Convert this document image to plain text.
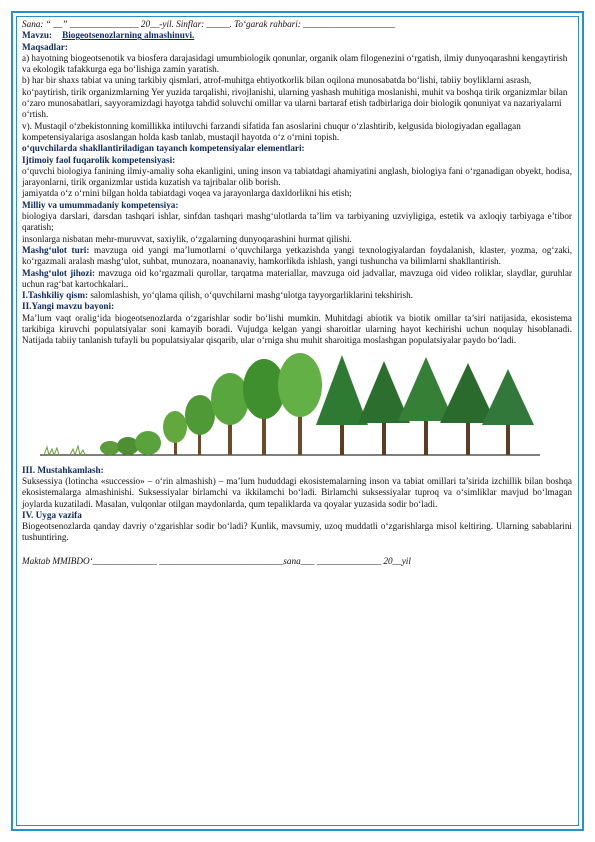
Sana: “ __” _______________ 20__-yil. Sinflar: _____. To‘garak rahbari: ____________________

Mavzu: Biogeotsenozlarning almashinuvi.

Maqsadlar:

a) hayotning biogeotsenotik va biosfera darajasidagi umumbiologik qonunlar, organik olam filogenezini o‘rgatish, ilmiy dunyoqarashni kengaytirish va ekologik tafakkurga ega bo‘lishiga zamin yaratish.

b) har bir shaxs tabiat va uning tarkibiy qismlari, atrof-muhitga ehtiyotkorlik bilan oqilona munosabatda bo‘lishi, tabiiy boyliklarni asrash, ko‘paytirish, tirik organizmlarning Yer yuzida tarqalishi, rivojlanishi, ularning yashash muhitiga moslanishi, muhit va boshqa tirik organizmlar bilan o‘zaro munosabatlari, sayyoramizdagi hayotga tahdid soluvchi omillar va ularni bartaraf etish tadbirlariga doir biologik qonuniyat va nazariyalarni o‘rtish.

v). Mustaqil o‘zbekistonning komillikka intiluvchi farzandi sifatida fan asoslarini chuqur o‘zlashtirib, kelgusida biologiyadan egallagan kompetensiyalariga asoslangan holda kasb tanlab, mustaqil hayotda o‘z o‘rnini topish.

o‘quvchilarda shakllantiriladigan tayanch kompetensiyalar elementlari:

Ijtimoiy faol fuqarolik kompetensiyasi:

o‘quvchi biologiya fanining ilmiy-amaliy soha ekanligini, uning inson va tabiatdagi ahamiyatini anglash, biologiya fani o‘rganadigan obyekt, hodisa, jarayonlarni, tirik organizmlar ustida kuzatish va tajribalar olib borish.

jamiyatda o‘z o‘rnini bilgan holda tabiatdagi voqea va jarayonlarga daxldorlikni his etish;

Milliy va umummadaniy kompetensiya:

biologiya darslari, darsdan tashqari ishlar, sinfdan tashqari mashg‘ulotlarda ta’lim va tarbiyaning uzviyligiga, estetik va axloqiy tarbiyaga e’tibor qaratish;

insonlarga nisbatan mehr-muruvvat, saxiylik, o‘zgalarning dunyoqarashini hurmat qilishi.

Mashg‘ulot turi: mavzuga oid yangi ma’lumotlarni o‘quvchilarga yetkazishda yangi texnologiyalardan foydalanish, klaster, yozma, og‘zaki, ko‘rgazmali aralash mashg‘ulot, suhbat, munozara, noananaviy, hamkorlikda ishlash, yangi tushuncha va bilimlarni shakllantirish.

Mashg‘ulot jihozi: mavzuga oid ko‘rgazmali qurollar, tarqatma materiallar, mavzuga oid jadvallar, mavzuga oid video roliklar, slaydlar, guruhlar uchun rag‘bat kartochkalari..

I.Tashkiliy qism: salomlashish, yo‘qlama qilish, o‘quvchilarni mashg‘ulotga tayyorgarliklarini tekshirish.

II.Yangi mavzu bayoni:

Ma’lum vaqt oralig‘ida biogeotsenozlarda o‘zgarishlar sodir bo‘lishi mumkin. Muhitdagi abiotik va biotik omillar ta’siri natijasida, ekosistema tarkibiga kiruvchi populatsiyalar soni kamayib boradi. Vujudga kelgan yangi sharoitlar ularning hayot kechirishi uchun noqulay hisoblanadi. Natijada tabiiy tanlanish tufayli bu populatsiyalar qisqarib, ular o‘rniga shu muhit sharoitiga moslashgan populatsiyalar paydo bo‘ladi.

III. Mustahkamlash:

Suksessiya (lotincha «successio» – o‘rin almashish) – ma’lum hududdagi ekosistemalarning inson va tabiat omillari ta’sirida izchillik bilan boshqa ekosistemalarga almashinishi. Suksessiyalar birlamchi va ikkilamchi bo‘ladi. Birlamchi suksessiyalar tuproq va o‘simliklar mavjud bo‘lmagan joylarda kuzatiladi. Masalan, vulqonlar otilgan maydonlarda, qum tepaliklarda va qoyalar yuzasida sodir bo‘ladi.

IV. Uyga vazifa

Biogeotsenozlarda qanday davriy o‘zgarishlar sodir bo‘ladi? Kunlik, mavsumiy, uzoq muddatli o‘zgarishlarga misol keltiring. Ularning sabablarini tushuntiring.

Maktab MMIBDO‘______________ ___________________________sana___ ______________ 20__yil
